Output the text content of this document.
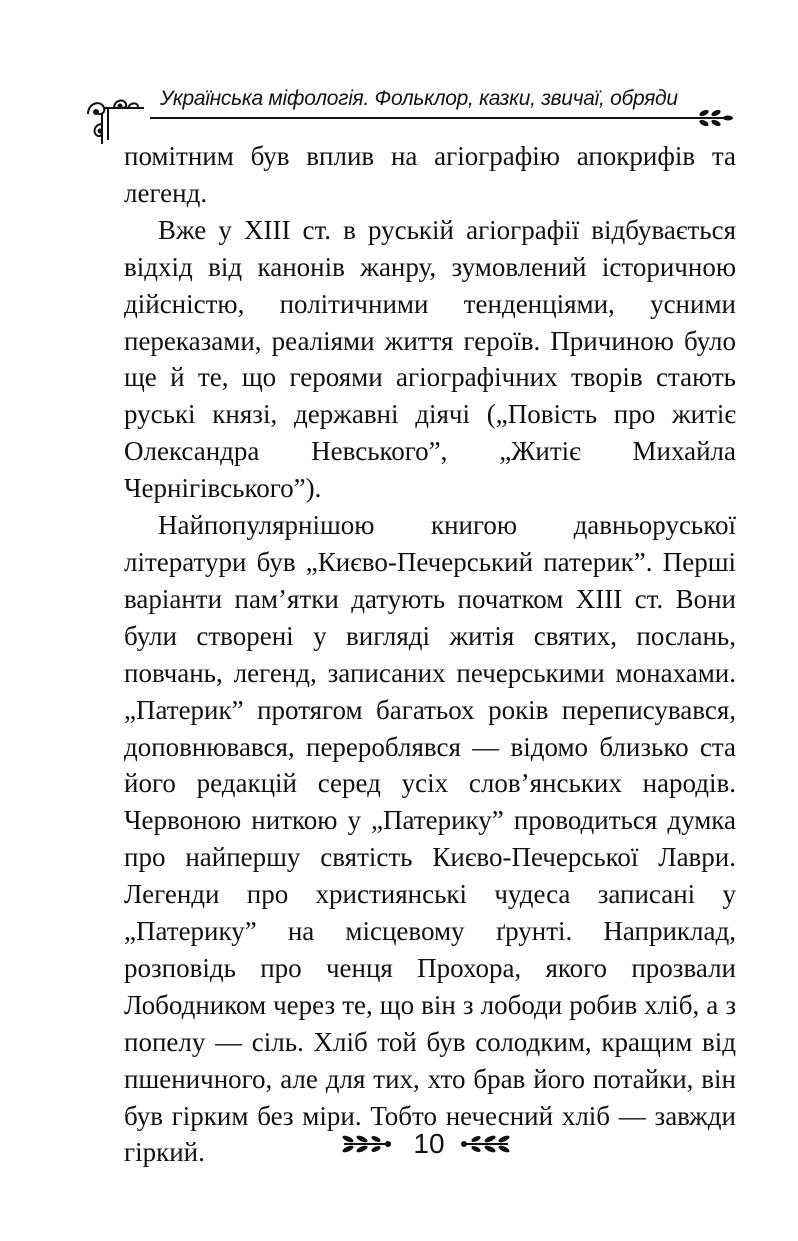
Українська міфологія. Фольклор, казки, звичаї, обряди

помітним був вплив на агіографію апокрифів та легенд.

Вже у XIII ст. в руській агіографії відбувається відхід від канонів жанру, зумовлений історичною дійсністю, політичними тенденціями, усними переказами, реаліями життя героїв. Причиною було ще й те, що героями агіографічних творів стають руські князі, державні діячі („Повість про житіє Олександра Невського”, „Житіє Михайла Чернігівського”).

Найпопулярнішою книгою давньоруської літератури був „Києво-Печерський патерик”. Перші варіанти пам’ятки датують початком XIII ст. Вони були створені у вигляді житія святих, послань, повчань, легенд, записаних печерськими монахами. „Патерик” протягом багатьох років переписувався, доповнювався, перероблявся — відомо близько ста його редакцій серед усіх слов’янських народів. Червоною ниткою у „Патерику” проводиться думка про найпершу святість Києво-Печерської Лаври. Легенди про християнські чудеса записані у „Патерику” на місцевому ґрунті. Наприклад, розповідь про ченця Прохора, якого прозвали Лободником через те, що він з лободи робив хліб, а з попелу — сіль. Хліб той був солодким, кращим від пшеничного, але для тих, хто брав його потайки, він був гірким без міри. Тобто нечесний хліб — завжди гіркий.	10
